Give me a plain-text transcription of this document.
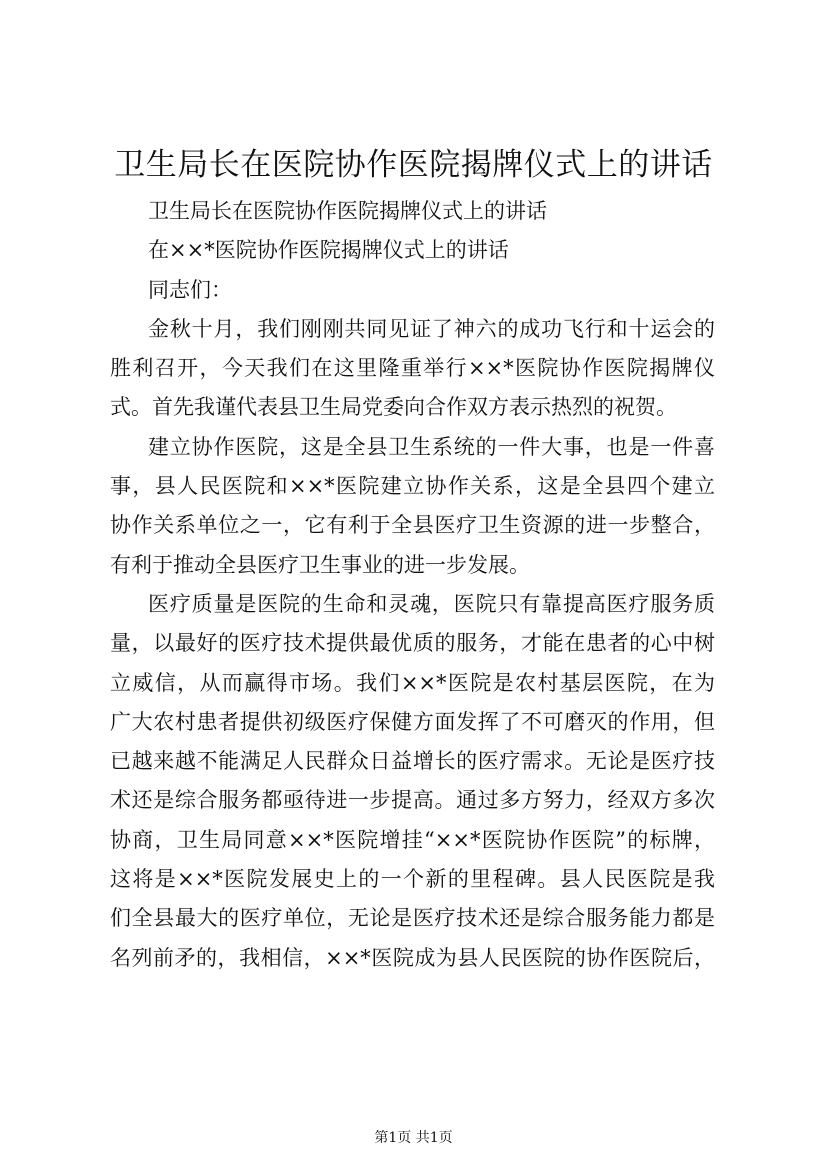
卫生局长在医院协作医院揭牌仪式上的讲话
卫生局长在医院协作医院揭牌仪式上的讲话
在××*医院协作医院揭牌仪式上的讲话
同志们：
金秋十月，我们刚刚共同见证了神六的成功飞行和十运会的
胜利召开，今天我们在这里隆重举行××*医院协作医院揭牌仪
式。首先我谨代表县卫生局党委向合作双方表示热烈的祝贺。
建立协作医院，这是全县卫生系统的一件大事，也是一件喜
事，县人民医院和××*医院建立协作关系，这是全县四个建立
协作关系单位之一，它有利于全县医疗卫生资源的进一步整合，
有利于推动全县医疗卫生事业的进一步发展。
医疗质量是医院的生命和灵魂，医院只有靠提高医疗服务质
量，以最好的医疗技术提供最优质的服务，才能在患者的心中树
立威信，从而赢得市场。我们××*医院是农村基层医院，在为
广大农村患者提供初级医疗保健方面发挥了不可磨灭的作用，但
已越来越不能满足人民群众日益增长的医疗需求。无论是医疗技
术还是综合服务都亟待进一步提高。通过多方努力，经双方多次
协商，卫生局同意××*医院增挂“××*医院协作医院”的标牌，
这将是××*医院发展史上的一个新的里程碑。县人民医院是我
们全县最大的医疗单位，无论是医疗技术还是综合服务能力都是
名列前矛的，我相信，××*医院成为县人民医院的协作医院后，
第1页 共1页
